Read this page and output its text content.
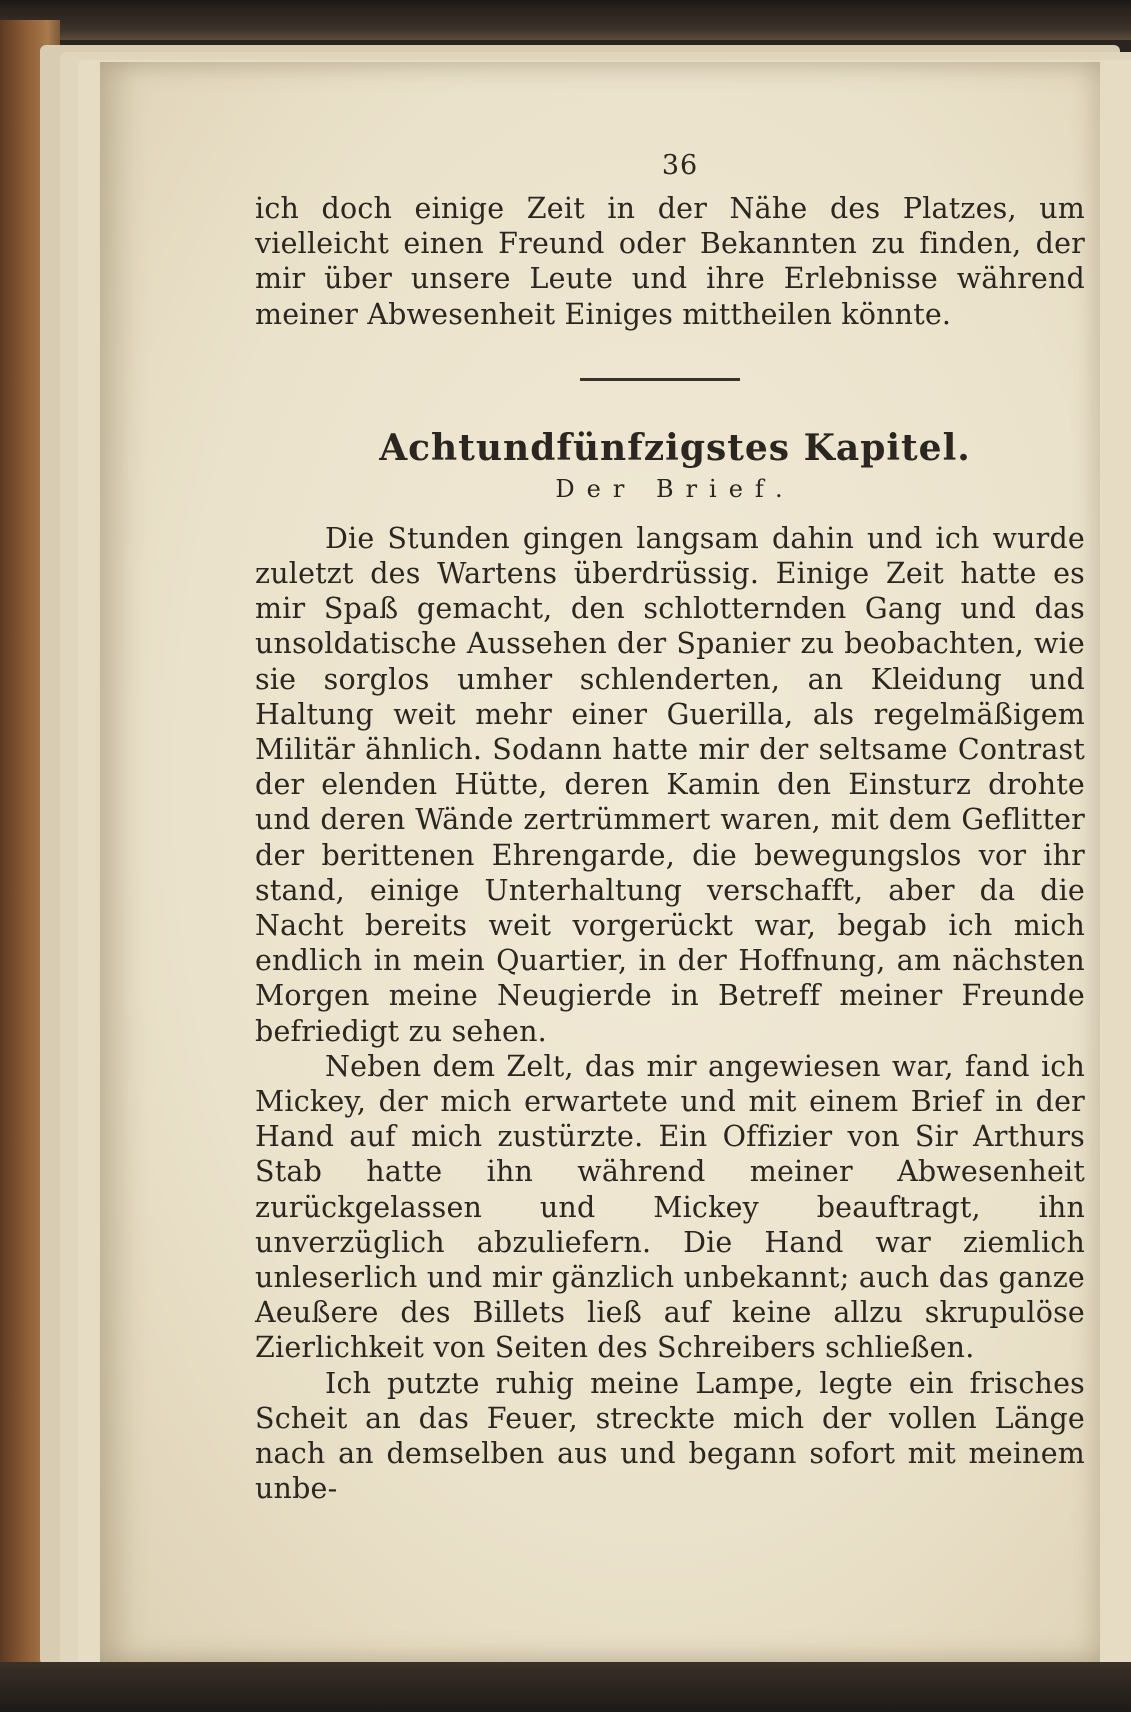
36

ich doch einige Zeit in der Nähe des Platzes, um vielleicht einen Freund oder Bekannten zu finden, der mir über unsere Leute und ihre Erlebnisse während meiner Abwesenheit Einiges mittheilen könnte.

Achtundfünfzigstes Kapitel.
Der Brief.

Die Stunden gingen langsam dahin und ich wurde zuletzt des Wartens überdrüssig. Einige Zeit hatte es mir Spaß gemacht, den schlotternden Gang und das unsoldatische Aussehen der Spanier zu beobachten, wie sie sorglos umher schlenderten, an Kleidung und Haltung weit mehr einer Guerilla, als regelmäßigem Militär ähnlich. Sodann hatte mir der seltsame Contrast der elenden Hütte, deren Kamin den Einsturz drohte und deren Wände zertrümmert waren, mit dem Geflitter der berittenen Ehrengarde, die bewegungslos vor ihr stand, einige Unterhaltung verschafft, aber da die Nacht bereits weit vorgerückt war, begab ich mich endlich in mein Quartier, in der Hoffnung, am nächsten Morgen meine Neugierde in Betreff meiner Freunde befriedigt zu sehen.

Neben dem Zelt, das mir angewiesen war, fand ich Mickey, der mich erwartete und mit einem Brief in der Hand auf mich zustürzte. Ein Offizier von Sir Arthurs Stab hatte ihn während meiner Abwesenheit zurückgelassen und Mickey beauftragt, ihn unverzüglich abzuliefern. Die Hand war ziemlich unleserlich und mir gänzlich unbekannt; auch das ganze Aeußere des Billets ließ auf keine allzu skrupulöse Zierlichkeit von Seiten des Schreibers schließen.

Ich putzte ruhig meine Lampe, legte ein frisches Scheit an das Feuer, streckte mich der vollen Länge nach an demselben aus und begann sofort mit meinem unbe-
